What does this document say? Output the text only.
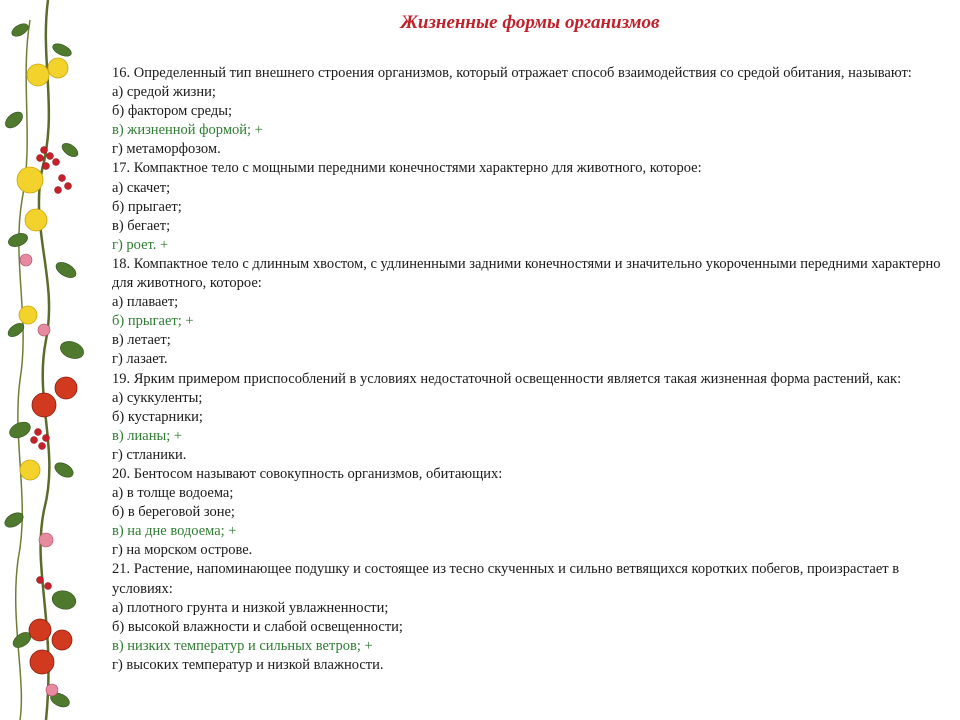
Жизненные формы организмов
16. Определенный тип внешнего строения организмов, который отражает способ взаимодействия со средой обитания, называют:
а) средой жизни;
б) фактором среды;
в) жизненной формой; +
г) метаморфозом.
17. Компактное тело с мощными передними конечностями характерно для животного, которое:
а) скачет;
б) прыгает;
в) бегает;
г) роет. +
18. Компактное тело с длинным хвостом, с удлиненными задними конечностями и значительно укороченными передними характерно для животного, которое:
а) плавает;
б) прыгает; +
в) летает;
г) лазает.
19. Ярким примером приспособлений в условиях недостаточной освещенности является такая жизненная форма растений, как:
а) суккуленты;
б) кустарники;
в) лианы; +
г) стланики.
20. Бентосом называют совокупность организмов, обитающих:
а) в толще водоема;
б) в береговой зоне;
в) на дне водоема; +
г) на морском острове.
21. Растение, напоминающее подушку и состоящее из тесно скученных и сильно ветвящихся коротких побегов, произрастает в условиях:
а) плотного грунта и низкой увлажненности;
б) высокой влажности и слабой освещенности;
в) низких температур и сильных ветров; +
г) высоких температур и низкой влажности.
